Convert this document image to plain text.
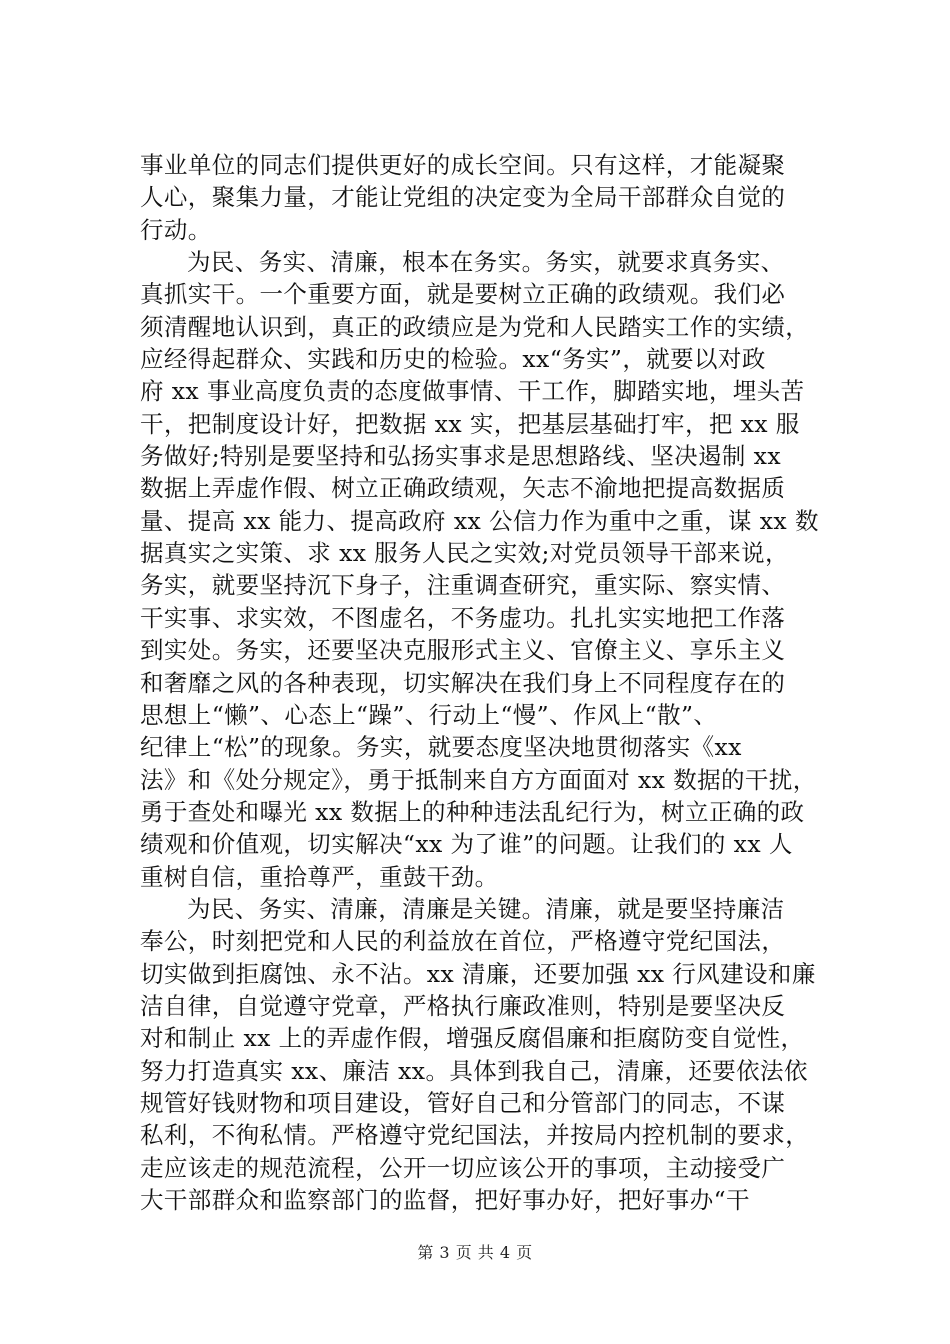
事业单位的同志们提供更好的成长空间。只有这样，才能凝聚
人心，聚集力量，才能让党组的决定变为全局干部群众自觉的
行动。
为民、务实、清廉，根本在务实。务实，就要求真务实、
真抓实干。一个重要方面，就是要树立正确的政绩观。我们必
须清醒地认识到，真正的政绩应是为党和人民踏实工作的实绩，
应经得起群众、实践和历史的检验。xx“务实”，就要以对政
府 xx 事业高度负责的态度做事情、干工作，脚踏实地，埋头苦
干，把制度设计好，把数据 xx 实，把基层基础打牢，把 xx 服
务做好;特别是要坚持和弘扬实事求是思想路线、坚决遏制 xx
数据上弄虚作假、树立正确政绩观，矢志不渝地把提高数据质
量、提高 xx 能力、提高政府 xx 公信力作为重中之重，谋 xx 数
据真实之实策、求 xx 服务人民之实效;对党员领导干部来说，
务实，就要坚持沉下身子，注重调查研究，重实际、察实情、
干实事、求实效，不图虚名，不务虚功。扎扎实实地把工作落
到实处。务实，还要坚决克服形式主义、官僚主义、享乐主义
和奢靡之风的各种表现，切实解决在我们身上不同程度存在的
思想上“懒”、心态上“躁”、行动上“慢”、作风上“散”、
纪律上“松”的现象。务实，就要态度坚决地贯彻落实《xx
法》和《处分规定》，勇于抵制来自方方面面对 xx 数据的干扰，
勇于查处和曝光 xx 数据上的种种违法乱纪行为，树立正确的政
绩观和价值观，切实解决“xx 为了谁”的问题。让我们的 xx 人
重树自信，重拾尊严，重鼓干劲。
为民、务实、清廉，清廉是关键。清廉，就是要坚持廉洁
奉公，时刻把党和人民的利益放在首位，严格遵守党纪国法，
切实做到拒腐蚀、永不沾。xx 清廉，还要加强 xx 行风建设和廉
洁自律，自觉遵守党章，严格执行廉政准则，特别是要坚决反
对和制止 xx 上的弄虚作假，增强反腐倡廉和拒腐防变自觉性，
努力打造真实 xx、廉洁 xx。具体到我自己，清廉，还要依法依
规管好钱财物和项目建设，管好自己和分管部门的同志，不谋
私利，不徇私情。严格遵守党纪国法，并按局内控机制的要求，
走应该走的规范流程，公开一切应该公开的事项，主动接受广
大干部群众和监察部门的监督，把好事办好，把好事办“干
第 3 页 共 4 页
